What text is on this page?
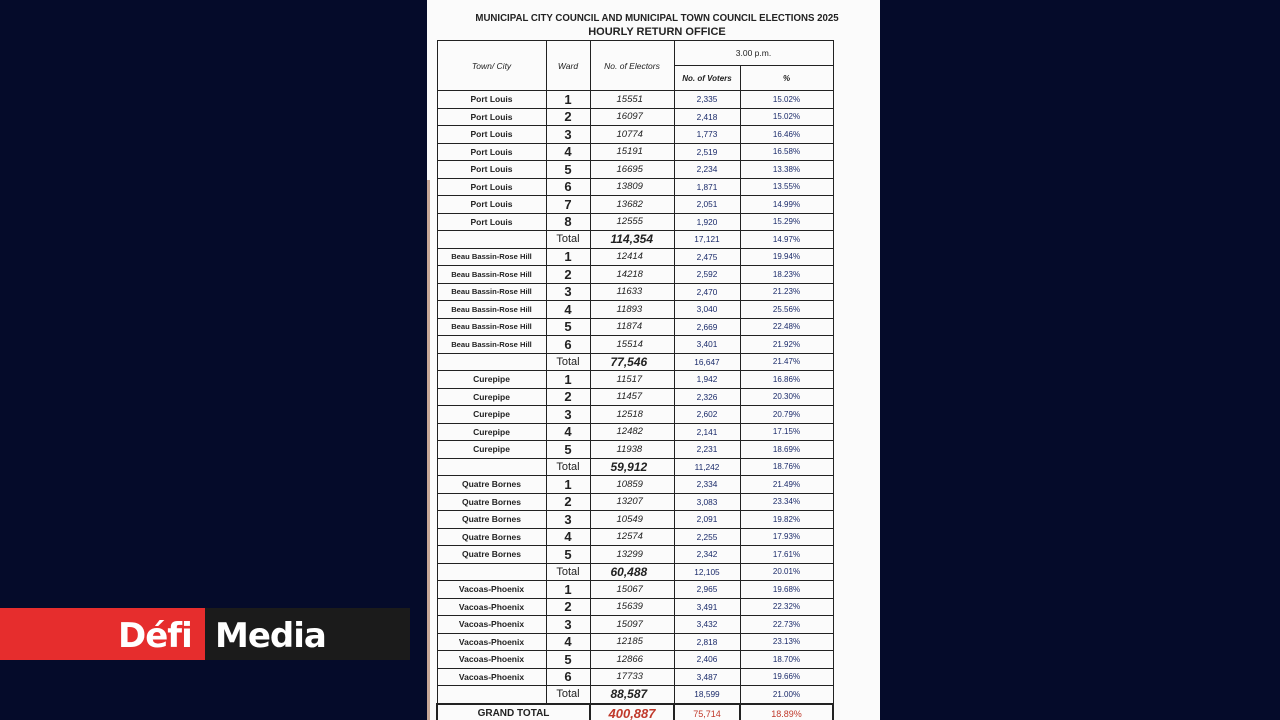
MUNICIPAL CITY COUNCIL AND MUNICIPAL TOWN COUNCIL ELECTIONS 2025
HOURLY RETURN OFFICE
Town/ City	Ward	No. of Electors	3.00 p.m.	
			No. of Voters	%
Port Louis	1	15551	2,335	15.02%
Port Louis	2	16097	2,418	15.02%
Port Louis	3	10774	1,773	16.46%
Port Louis	4	15191	2,519	16.58%
Port Louis	5	16695	2,234	13.38%
Port Louis	6	13809	1,871	13.55%
Port Louis	7	13682	2,051	14.99%
Port Louis	8	12555	1,920	15.29%
	Total	114,354	17,121	14.97%
Beau Bassin-Rose Hill	1	12414	2,475	19.94%
Beau Bassin-Rose Hill	2	14218	2,592	18.23%
Beau Bassin-Rose Hill	3	11633	2,470	21.23%
Beau Bassin-Rose Hill	4	11893	3,040	25.56%
Beau Bassin-Rose Hill	5	11874	2,669	22.48%
Beau Bassin-Rose Hill	6	15514	3,401	21.92%
	Total	77,546	16,647	21.47%
Curepipe	1	11517	1,942	16.86%
Curepipe	2	11457	2,326	20.30%
Curepipe	3	12518	2,602	20.79%
Curepipe	4	12482	2,141	17.15%
Curepipe	5	11938	2,231	18.69%
	Total	59,912	11,242	18.76%
Quatre Bornes	1	10859	2,334	21.49%
Quatre Bornes	2	13207	3,083	23.34%
Quatre Bornes	3	10549	2,091	19.82%
Quatre Bornes	4	12574	2,255	17.93%
Quatre Bornes	5	13299	2,342	17.61%
	Total	60,488	12,105	20.01%
Vacoas-Phoenix	1	15067	2,965	19.68%
Vacoas-Phoenix	2	15639	3,491	22.32%
Vacoas-Phoenix	3	15097	3,432	22.73%
Vacoas-Phoenix	4	12185	2,818	23.13%
Vacoas-Phoenix	5	12866	2,406	18.70%
Vacoas-Phoenix	6	17733	3,487	19.66%
	Total	88,587	18,599	21.00%
GRAND TOTAL		400,887	75,714	18.89%
Défi Media
